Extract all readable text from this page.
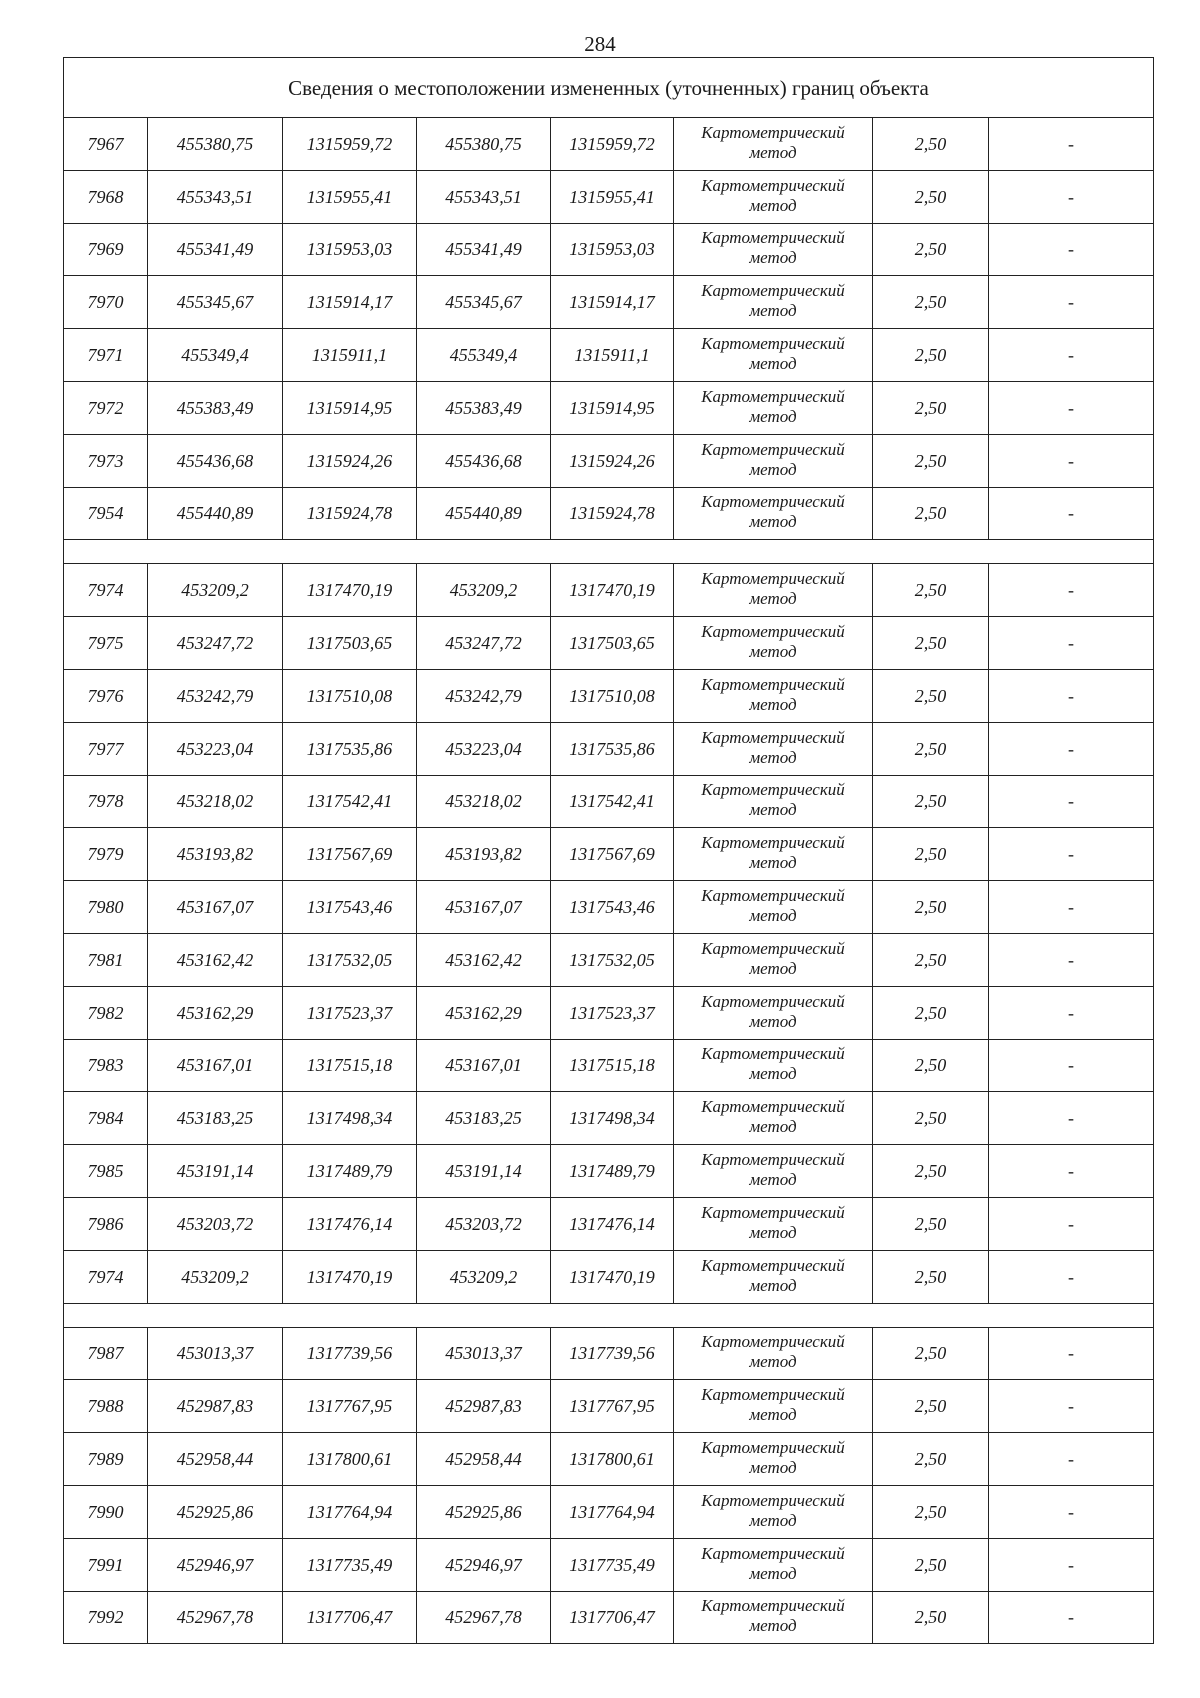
284
Сведения о местоположении измененных (уточненных) границ объекта							
7967	455380,75	1315959,72	455380,75	1315959,72	Картометрический
метод	2,50	-
7968	455343,51	1315955,41	455343,51	1315955,41	Картометрический
метод	2,50	-
7969	455341,49	1315953,03	455341,49	1315953,03	Картометрический
метод	2,50	-
7970	455345,67	1315914,17	455345,67	1315914,17	Картометрический
метод	2,50	-
7971	455349,4	1315911,1	455349,4	1315911,1	Картометрический
метод	2,50	-
7972	455383,49	1315914,95	455383,49	1315914,95	Картометрический
метод	2,50	-
7973	455436,68	1315924,26	455436,68	1315924,26	Картометрический
метод	2,50	-
7954	455440,89	1315924,78	455440,89	1315924,78	Картометрический
метод	2,50	-

7974	453209,2	1317470,19	453209,2	1317470,19	Картометрический
метод	2,50	-
7975	453247,72	1317503,65	453247,72	1317503,65	Картометрический
метод	2,50	-
7976	453242,79	1317510,08	453242,79	1317510,08	Картометрический
метод	2,50	-
7977	453223,04	1317535,86	453223,04	1317535,86	Картометрический
метод	2,50	-
7978	453218,02	1317542,41	453218,02	1317542,41	Картометрический
метод	2,50	-
7979	453193,82	1317567,69	453193,82	1317567,69	Картометрический
метод	2,50	-
7980	453167,07	1317543,46	453167,07	1317543,46	Картометрический
метод	2,50	-
7981	453162,42	1317532,05	453162,42	1317532,05	Картометрический
метод	2,50	-
7982	453162,29	1317523,37	453162,29	1317523,37	Картометрический
метод	2,50	-
7983	453167,01	1317515,18	453167,01	1317515,18	Картометрический
метод	2,50	-
7984	453183,25	1317498,34	453183,25	1317498,34	Картометрический
метод	2,50	-
7985	453191,14	1317489,79	453191,14	1317489,79	Картометрический
метод	2,50	-
7986	453203,72	1317476,14	453203,72	1317476,14	Картометрический
метод	2,50	-
7974	453209,2	1317470,19	453209,2	1317470,19	Картометрический
метод	2,50	-

7987	453013,37	1317739,56	453013,37	1317739,56	Картометрический
метод	2,50	-
7988	452987,83	1317767,95	452987,83	1317767,95	Картометрический
метод	2,50	-
7989	452958,44	1317800,61	452958,44	1317800,61	Картометрический
метод	2,50	-
7990	452925,86	1317764,94	452925,86	1317764,94	Картометрический
метод	2,50	-
7991	452946,97	1317735,49	452946,97	1317735,49	Картометрический
метод	2,50	-
7992	452967,78	1317706,47	452967,78	1317706,47	Картометрический
метод	2,50	-
